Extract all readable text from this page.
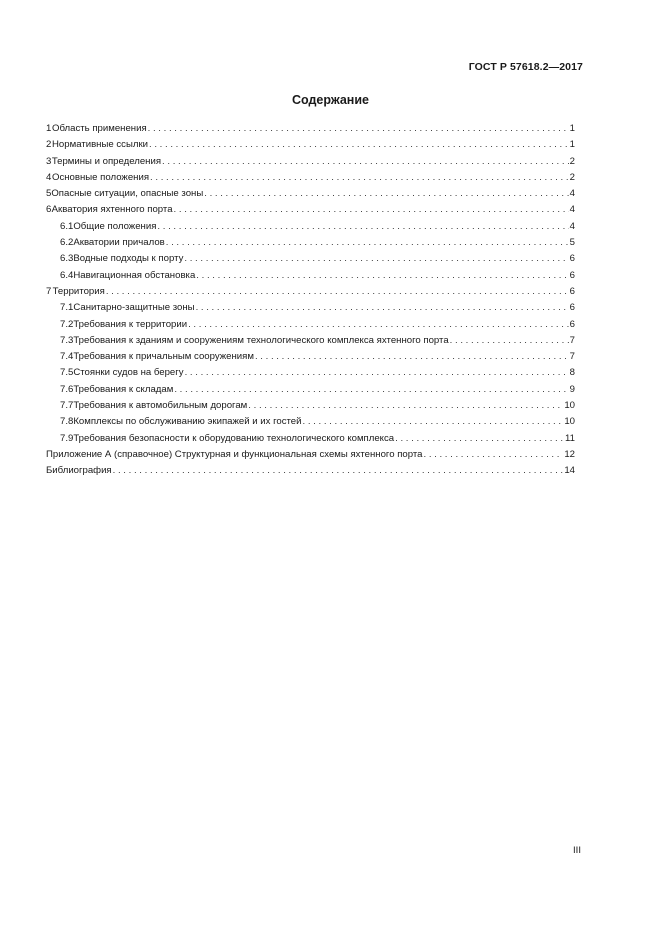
ГОСТ Р 57618.2—2017
Содержание
1 Область применения . . .	1
2 Нормативные ссылки . . .	1
3 Термины и определения . . .	2
4 Основные положения . . .	2
5 Опасные ситуации, опасные зоны . . .	4
6 Акватория яхтенного порта . . .	4
6.1 Общие положения . . .	4
6.2 Акватории причалов . . .	5
6.3 Водные подходы к порту . . .	6
6.4 Навигационная обстановка . . .	6
7 Территория . . .	6
7.1 Санитарно-защитные зоны . . .	6
7.2 Требования к территории . . .	6
7.3 Требования к зданиям и сооружениям технологического комплекса яхтенного порта . . .	7
7.4 Требования к причальным сооружениям . . .	7
7.5 Стоянки судов на берегу . . .	8
7.6 Требования к складам . . .	9
7.7 Требования к автомобильным дорогам . . .	10
7.8 Комплексы по обслуживанию экипажей и их гостей . . .	10
7.9 Требования безопасности к оборудованию технологического комплекса . . .	11
Приложение А (справочное) Структурная и функциональная схемы яхтенного порта . . .	12
Библиография . . .	14
III
